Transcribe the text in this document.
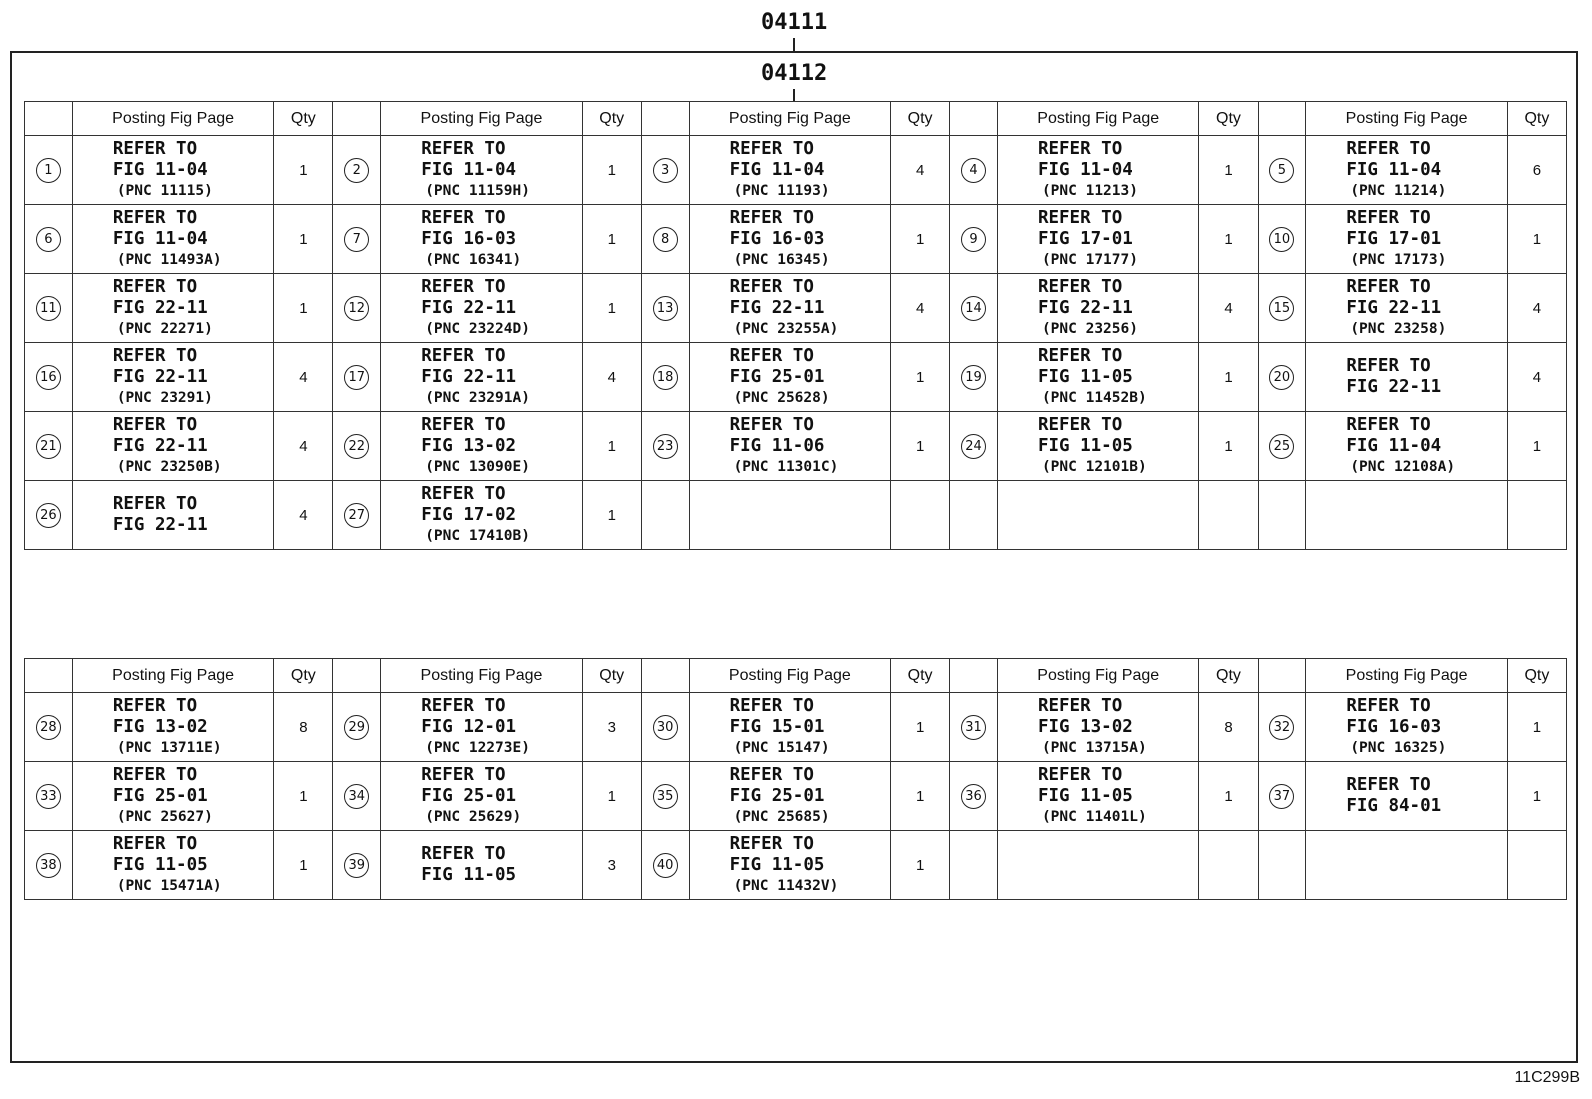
04111
04112
	Posting Fig Page	Qty		Posting Fig Page	Qty		Posting Fig Page	Qty		Posting Fig Page	Qty		Posting Fig Page	Qty
1	REFER TO
FIG 11-04
(PNC 11115)	1	2	REFER TO
FIG 11-04
(PNC 11159H)	1	3	REFER TO
FIG 11-04
(PNC 11193)	4	4	REFER TO
FIG 11-04
(PNC 11213)	1	5	REFER TO
FIG 11-04
(PNC 11214)	6
6	REFER TO
FIG 11-04
(PNC 11493A)	1	7	REFER TO
FIG 16-03
(PNC 16341)	1	8	REFER TO
FIG 16-03
(PNC 16345)	1	9	REFER TO
FIG 17-01
(PNC 17177)	1	10	REFER TO
FIG 17-01
(PNC 17173)	1
11	REFER TO
FIG 22-11
(PNC 22271)	1	12	REFER TO
FIG 22-11
(PNC 23224D)	1	13	REFER TO
FIG 22-11
(PNC 23255A)	4	14	REFER TO
FIG 22-11
(PNC 23256)	4	15	REFER TO
FIG 22-11
(PNC 23258)	4
16	REFER TO
FIG 22-11
(PNC 23291)	4	17	REFER TO
FIG 22-11
(PNC 23291A)	4	18	REFER TO
FIG 25-01
(PNC 25628)	1	19	REFER TO
FIG 11-05
(PNC 11452B)	1	20	REFER TO
FIG 22-11	4
21	REFER TO
FIG 22-11
(PNC 23250B)	4	22	REFER TO
FIG 13-02
(PNC 13090E)	1	23	REFER TO
FIG 11-06
(PNC 11301C)	1	24	REFER TO
FIG 11-05
(PNC 12101B)	1	25	REFER TO
FIG 11-04
(PNC 12108A)	1
26	REFER TO
FIG 22-11	4	27	REFER TO
FIG 17-02
(PNC 17410B)	1									
	Posting Fig Page	Qty		Posting Fig Page	Qty		Posting Fig Page	Qty		Posting Fig Page	Qty		Posting Fig Page	Qty
28	REFER TO
FIG 13-02
(PNC 13711E)	8	29	REFER TO
FIG 12-01
(PNC 12273E)	3	30	REFER TO
FIG 15-01
(PNC 15147)	1	31	REFER TO
FIG 13-02
(PNC 13715A)	8	32	REFER TO
FIG 16-03
(PNC 16325)	1
33	REFER TO
FIG 25-01
(PNC 25627)	1	34	REFER TO
FIG 25-01
(PNC 25629)	1	35	REFER TO
FIG 25-01
(PNC 25685)	1	36	REFER TO
FIG 11-05
(PNC 11401L)	1	37	REFER TO
FIG 84-01	1
38	REFER TO
FIG 11-05
(PNC 15471A)	1	39	REFER TO
FIG 11-05	3	40	REFER TO
FIG 11-05
(PNC 11432V)	1						
11C299B
